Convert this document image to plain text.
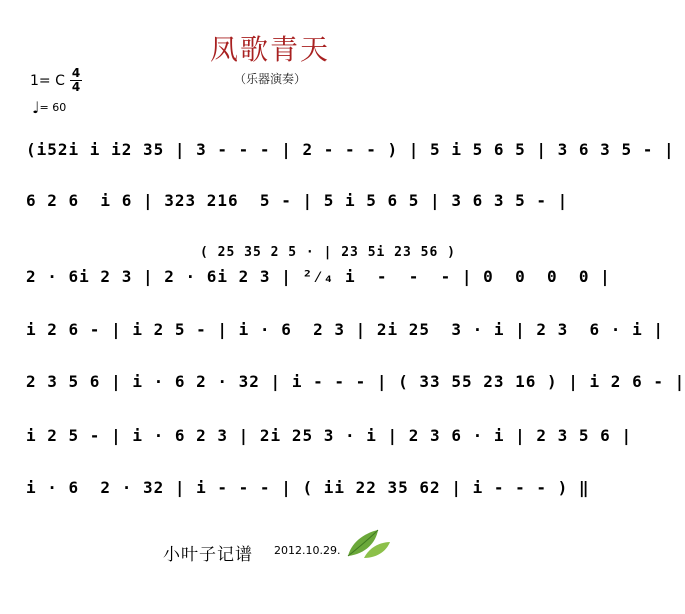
凤歌青天
（乐器演奏）
1= C 4
4
♩= 60
(i52i i i2 35 | 3 - - - | 2 - - - ) | 5 i 5 6 5 | 3 6 3 5 - |
6 2 6  i 6 | 323 216  5 - | 5 i 5 6 5 | 3 6 3 5 - |
( 25 35 2 5 · | 23 5i 23 56 )
2 · 6i 2 3 | 2 · 6i 2 3 | ²⁄₄ i  -  -  - | 0  0  0  0 |
i 2 6 - | i 2 5 - | i · 6  2 3 | 2i 25  3 · i | 2 3  6 · i |
2 3 5 6 | i · 6 2 · 32 | i - - - | ( 33 55 23 16 ) | i 2 6 - |
i 2 5 - | i · 6 2 3 | 2i 25 3 · i | 2 3 6 · i | 2 3 5 6 |
i · 6  2 · 32 | i - - - | ( ii 22 35 62 | i - - - ) ‖
小叶子记谱 2012.10.29.
